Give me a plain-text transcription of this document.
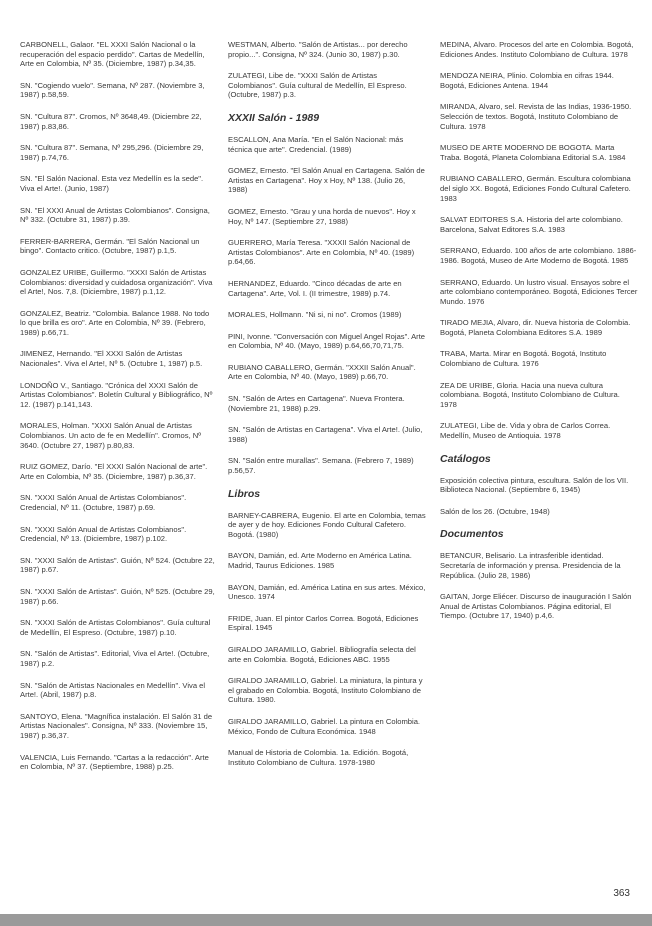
CARBONELL, Galaor. "EL XXXI Salón Nacional o la recuperación del espacio perdido". Cartas de Medellín, Arte en Colombia, Nº 35. (Diciembre, 1987) p.34,35.
SN. "Cogiendo vuelo". Semana, Nº 287. (Noviembre 3, 1987) p.58,59.
SN. "Cultura 87". Cromos, Nº 3648,49. (Diciembre 22, 1987) p.83,86.
SN. "Cultura 87". Semana, Nº 295,296. (Diciembre 29, 1987) p.74,76.
SN. "El Salón Nacional. Esta vez Medellín es la sede". Viva el Arte!. (Junio, 1987)
SN. "El XXXI Anual de Artistas Colombianos". Consigna, Nº 332. (Octubre 31, 1987) p.39.
FERRER-BARRERA, Germán. "El Salón Nacional un bingo". Contacto critico. (Octubre, 1987) p.1,5.
GONZALEZ URIBE, Guillermo. "XXXI Salón de Artistas Colombianos: diversidad y cuidadosa organización". Viva el Arte!, Nos. 7,8. (Diciembre, 1987) p.1,12.
GONZALEZ, Beatriz. "Colombia. Balance 1988. No todo lo que brilla es oro". Arte en Colombia, Nº 39. (Febrero, 1989) p.66,71.
JIMENEZ, Hernando. "El XXXI Salón de Artistas Nacionales". Viva el Arte!, Nº 5. (Octubre 1, 1987) p.5.
LONDOÑO V., Santiago. "Crónica del XXXI Salón de Artistas Colombianos". Boletín Cultural y Bibliográfico, Nº 12. (1987) p.141,143.
MORALES, Holman. "XXXI Salón Anual de Artistas Colombianos. Un acto de fe en Medellín". Cromos, Nº 3640. (Octubre 27, 1987) p.80,83.
RUIZ GOMEZ, Darío. "El XXXI Salón Nacional de arte". Arte en Colombia, Nº 35. (Diciembre, 1987) p.36,37.
SN. "XXXI Salón Anual de Artistas Colombianos". Credencial, Nº 11. (Octubre, 1987) p.69.
SN. "XXXI Salón Anual de Artistas Colombianos". Credencial, Nº 13. (Diciembre, 1987) p.102.
SN. "XXXI Salón de Artistas". Guión, Nº 524. (Octubre 22, 1987) p.67.
SN. "XXXI Salón de Artistas". Guión, Nº 525. (Octubre 29, 1987) p.66.
SN. "XXXI Salón de Artistas Colombianos". Guía cultural de Medellín, El Espreso. (Octubre, 1987) p.10.
SN. "Salón de Artistas". Editorial, Viva el Arte!. (Octubre, 1987) p.2.
SN. "Salón de Artistas Nacionales en Medellín". Viva el Arte!. (Abril, 1987) p.8.
SANTOYO, Elena. "Magnífica instalación. El Salón 31 de Artistas Nacionales". Consigna, Nº 333. (Noviembre 15, 1987) p.36,37.
VALENCIA, Luis Fernando. "Cartas a la redacción". Arte en Colombia, Nº 37. (Septiembre, 1988) p.25.
WESTMAN, Alberto. "Salón de Artistas... por derecho propio...". Consigna, Nº 324. (Junio 30, 1987) p.30.
ZULATEGI, Libe de. "XXXI Salón de Artistas Colombianos". Guía cultural de Medellín, El Espreso. (Octubre, 1987) p.3.
XXXII Salón - 1989
ESCALLON, Ana María. "En el Salón Nacional: más técnica que arte". Credencial. (1989)
GOMEZ, Ernesto. "El Salón Anual en Cartagena. Salón de Artistas en Cartagena". Hoy x Hoy, Nº 138. (Julio 26, 1988)
GOMEZ, Ernesto. "Grau y una horda de nuevos". Hoy x Hoy, Nº 147. (Septiembre 27, 1988)
GUERRERO, María Teresa. "XXXII Salón Nacional de Artistas Colombianos". Arte en Colombia, Nº 40. (1989) p.64,66.
HERNANDEZ, Eduardo. "Cinco décadas de arte en Cartagena". Arte, Vol. I. (II trimestre, 1989) p.74.
MORALES, Hollmann. "Ni si, ni no". Cromos (1989)
PINI, Ivonne. "Conversación con Miguel Angel Rojas". Arte en Colombia, Nº 40. (Mayo, 1989) p.64,66,70,71,75.
RUBIANO CABALLERO, Germán. "XXXII Salón Anual". Arte en Colombia, Nº 40. (Mayo, 1989) p.66,70.
SN. "Salón de Artes en Cartagena". Nueva Frontera. (Noviembre 21, 1988) p.29.
SN. "Salón de Artistas en Cartagena". Viva el Arte!. (Julio, 1988)
SN. "Salón entre murallas". Semana. (Febrero 7, 1989) p.56,57.
Libros
BARNEY-CABRERA, Eugenio. El arte en Colombia, temas de ayer y de hoy. Ediciones Fondo Cultural Cafetero. Bogotá. (1980)
BAYON, Damián, ed. Arte Moderno en América Latina. Madrid, Taurus Ediciones. 1985
BAYON, Damián, ed. América Latina en sus artes. México, Unesco. 1974
FRIDE, Juan. El pintor Carlos Correa. Bogotá, Ediciones Espiral. 1945
GIRALDO JARAMILLO, Gabriel. Bibliografía selecta del arte en Colombia. Bogotá, Ediciones ABC. 1955
GIRALDO JARAMILLO, Gabriel. La miniatura, la pintura y el grabado en Colombia. Bogotá, Instituto Colombiano de Cultura. 1980.
GIRALDO JARAMILLO, Gabriel. La pintura en Colombia. México, Fondo de Cultura Económica. 1948
Manual de Historia de Colombia. 1a. Edición. Bogotá, Instituto Colombiano de Cultura. 1978-1980
MEDINA, Alvaro. Procesos del arte en Colombia. Bogotá, Ediciones Andes. Instituto Colombiano de Cultura. 1978
MENDOZA NEIRA, Plinio. Colombia en cifras 1944. Bogotá, Ediciones Antena. 1944
MIRANDA, Alvaro, sel. Revista de las Indias, 1936-1950. Selección de textos. Bogotá, Instituto Colombiano de Cultura. 1978
MUSEO DE ARTE MODERNO DE BOGOTA. Marta Traba. Bogotá, Planeta Colombiana Editorial S.A. 1984
RUBIANO CABALLERO, Germán. Escultura colombiana del siglo XX. Bogotá, Ediciones Fondo Cultural Cafetero. 1983
SALVAT EDITORES S.A. Historia del arte colombiano. Barcelona, Salvat Editores S.A. 1983
SERRANO, Eduardo. 100 años de arte colombiano. 1886-1986. Bogotá, Museo de Arte Moderno de Bogotá. 1985
SERRANO, Eduardo. Un lustro visual. Ensayos sobre el arte colombiano contemporáneo. Bogotá, Ediciones Tercer Mundo. 1976
TIRADO MEJIA, Alvaro, dir. Nueva historia de Colombia. Bogotá, Planeta Colombiana Editores S.A. 1989
TRABA, Marta. Mirar en Bogotá. Bogotá, Instituto Colombiano de Cultura. 1976
ZEA DE URIBE, Gloria. Hacia una nueva cultura colombiana. Bogotá, Instituto Colombiano de Cultura. 1978
ZULATEGI, Libe de. Vida y obra de Carlos Correa. Medellín, Museo de Antioquia. 1978
Catálogos
Exposición colectiva pintura, escultura. Salón de los VII. Biblioteca Nacional. (Septiembre 6, 1945)
Salón de los 26. (Octubre, 1948)
Documentos
BETANCUR, Belisario. La intrasferible identidad. Secretaría de información y prensa. Presidencia de la República. (Julio 28, 1986)
GAITAN, Jorge Eliécer. Discurso de inauguración I Salón Anual de Artistas Colombianos. Página editorial, El Tiempo. (Octubre 17, 1940) p.4,6.
363
